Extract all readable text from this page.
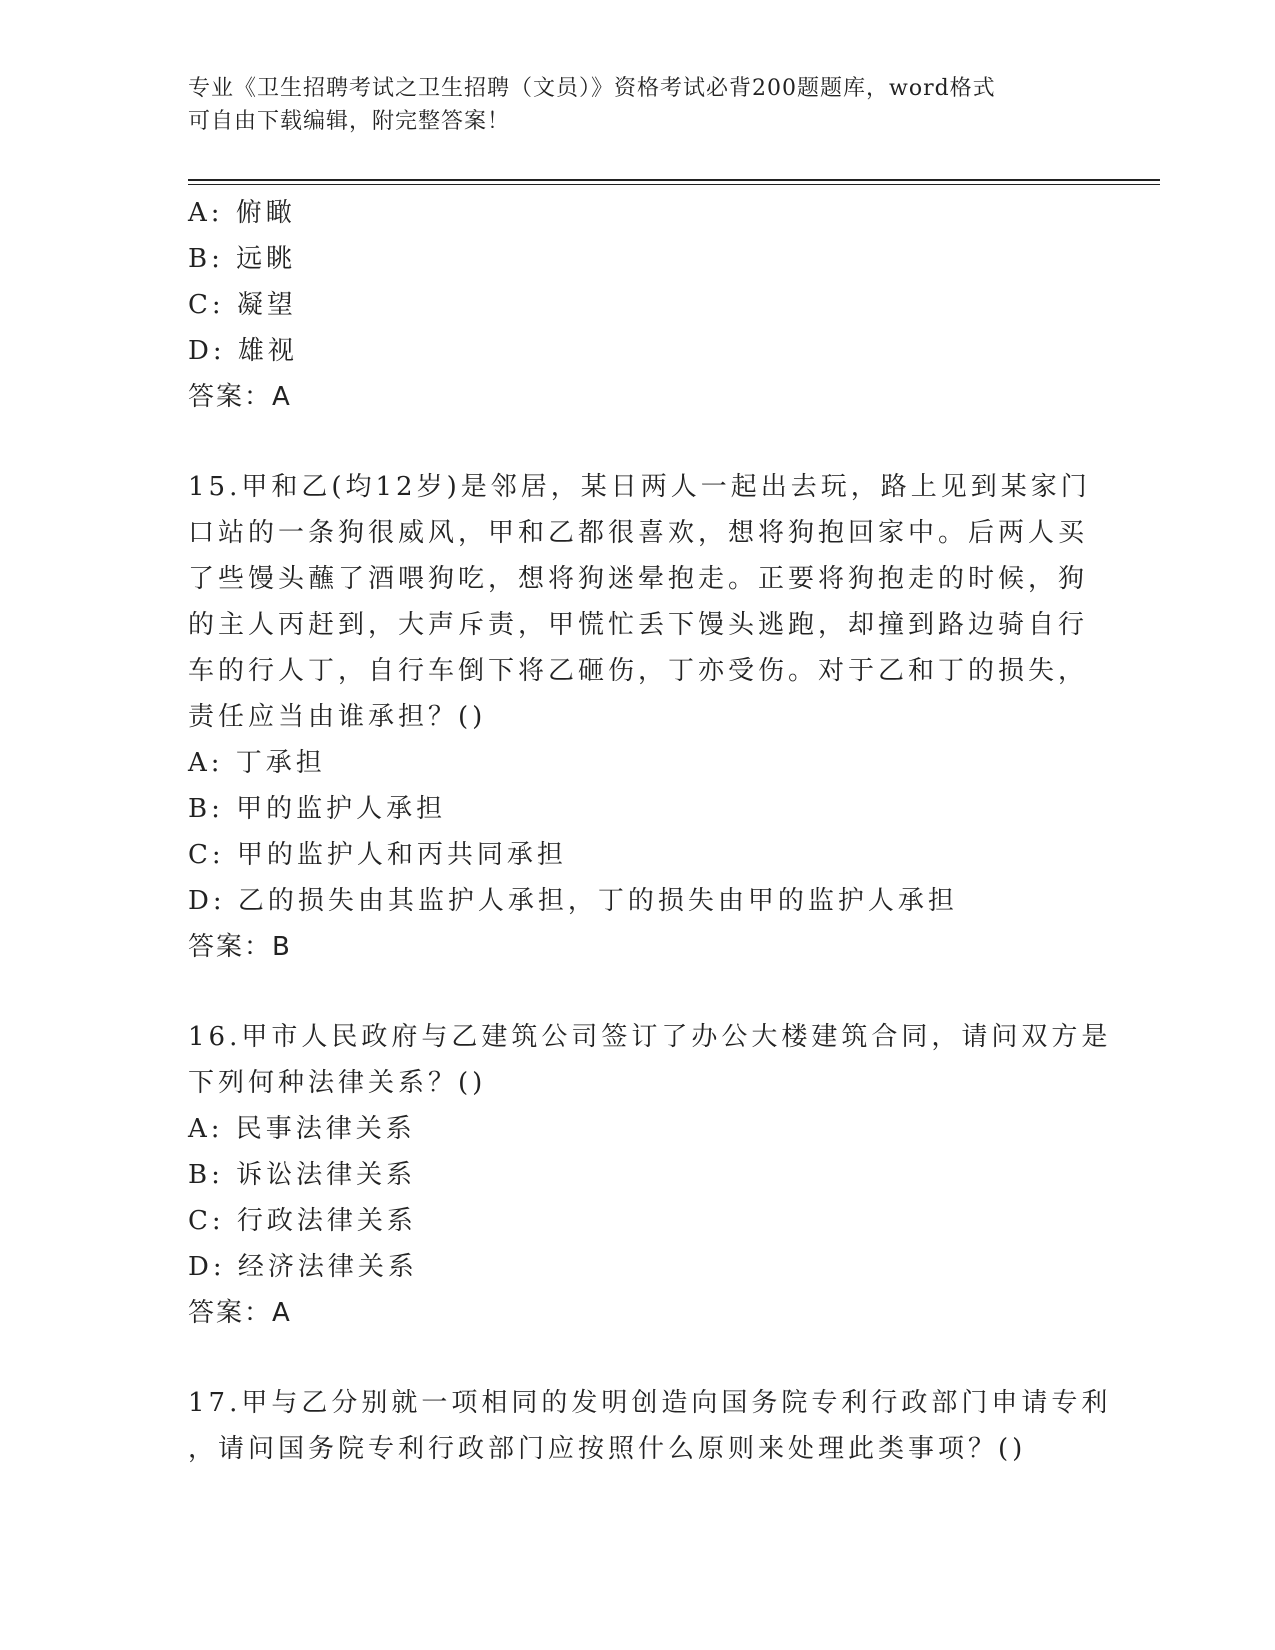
专业《卫生招聘考试之卫生招聘（文员）》资格考试必背200题题库，word格式
可自由下载编辑，附完整答案！
A: 俯瞰
B: 远眺
C: 凝望
D: 雄视
答案：A
15.甲和乙(均12岁)是邻居，某日两人一起出去玩，路上见到某家门
口站的一条狗很威风，甲和乙都很喜欢，想将狗抱回家中。后两人买
了些馒头蘸了酒喂狗吃，想将狗迷晕抱走。正要将狗抱走的时候，狗
的主人丙赶到，大声斥责，甲慌忙丢下馒头逃跑，却撞到路边骑自行
车的行人丁，自行车倒下将乙砸伤，丁亦受伤。对于乙和丁的损失，
责任应当由谁承担？()
A: 丁承担
B: 甲的监护人承担
C: 甲的监护人和丙共同承担
D: 乙的损失由其监护人承担，丁的损失由甲的监护人承担
答案：B
16.甲市人民政府与乙建筑公司签订了办公大楼建筑合同，请问双方是
下列何种法律关系？()
A: 民事法律关系
B: 诉讼法律关系
C: 行政法律关系
D: 经济法律关系
答案：A
17.甲与乙分别就一项相同的发明创造向国务院专利行政部门申请专利
，请问国务院专利行政部门应按照什么原则来处理此类事项？()
